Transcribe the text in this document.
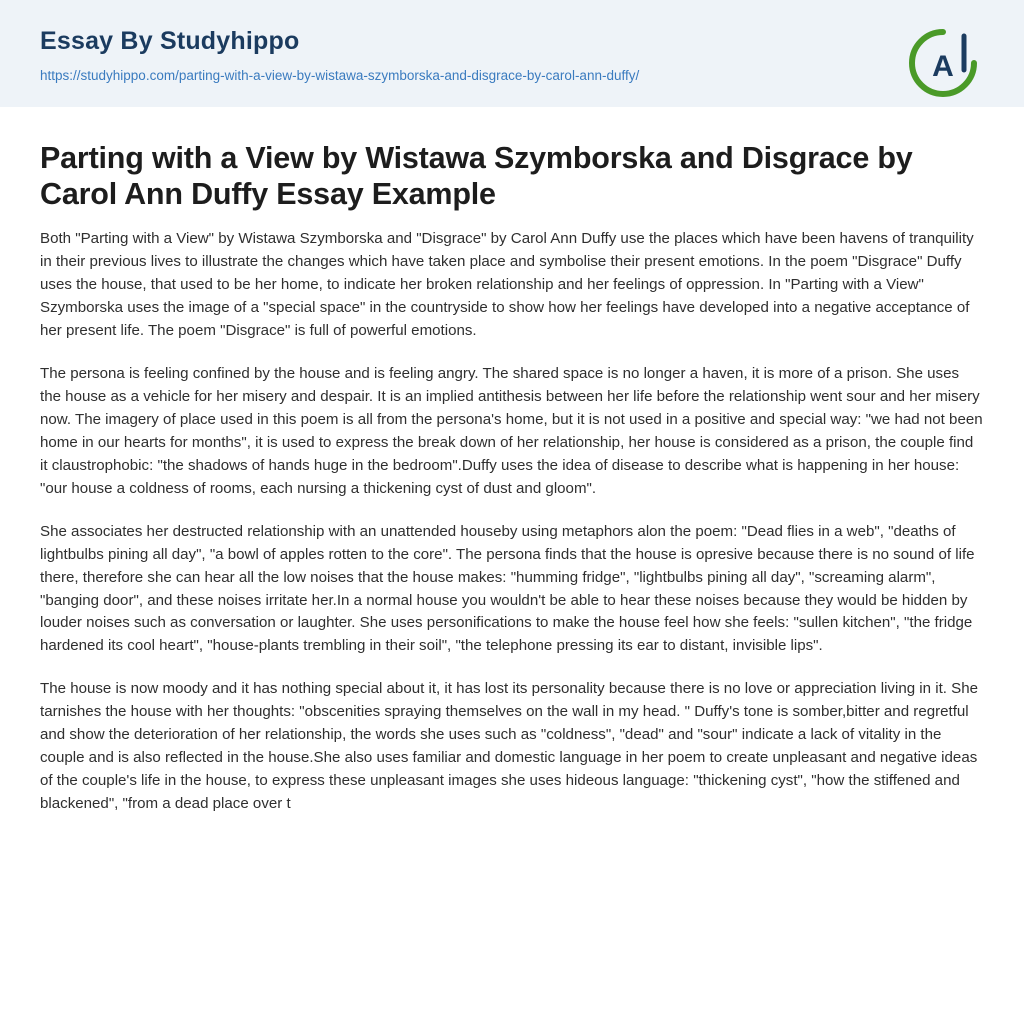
Essay By Studyhippo
https://studyhippo.com/parting-with-a-view-by-wistawa-szymborska-and-disgrace-by-carol-ann-duffy/	A
Parting with a View by Wistawa Szymborska and Disgrace by Carol Ann Duffy Essay Example

Both "Parting with a View" by Wistawa Szymborska and "Disgrace" by Carol Ann Duffy use the places which have been havens of tranquility in their previous lives to illustrate the changes which have taken place and symbolise their present emotions. In the poem "Disgrace" Duffy uses the house, that used to be her home, to indicate her broken relationship and her feelings of oppression. In "Parting with a View" Szymborska uses the image of a "special space" in the countryside to show how her feelings have developed into a negative acceptance of her present life. The poem "Disgrace" is full of powerful emotions.

The persona is feeling confined by the house and is feeling angry. The shared space is no longer a haven, it is more of a prison. She uses the house as a vehicle for her misery and despair. It is an implied antithesis between her life before the relationship went sour and her misery now. The imagery of place used in this poem is all from the persona's home, but it is not used in a positive and special way: "we had not been home in our hearts for months", it is used to express the break down of her relationship, her house is considered as a prison, the couple find it claustrophobic: "the shadows of hands huge in the bedroom".Duffy uses the idea of disease to describe what is happening in her house: "our house a coldness of rooms, each nursing a thickening cyst of dust and gloom".

She associates her destructed relationship with an unattended houseby using metaphors alon the poem: "Dead flies in a web", "deaths of lightbulbs pining all day", "a bowl of apples rotten to the core". The persona finds that the house is opresive because there is no sound of life there, therefore she can hear all the low noises that the house makes: "humming fridge", "lightbulbs pining all day", "screaming alarm", "banging door", and these noises irritate her.In a normal house you wouldn't be able to hear these noises because they would be hidden by louder noises such as conversation or laughter. She uses personifications to make the house feel how she feels: "sullen kitchen", "the fridge hardened its cool heart", "house-plants trembling in their soil", "the telephone pressing its ear to distant, invisible lips".

The house is now moody and it has nothing special about it, it has lost its personality because there is no love or appreciation living in it. She tarnishes the house with her thoughts: "obscenities spraying themselves on the wall in my head. " Duffy's tone is somber,bitter and regretful and show the deterioration of her relationship, the words she uses such as "coldness", "dead" and "sour" indicate a lack of vitality in the couple and is also reflected in the house.She also uses familiar and domestic language in her poem to create unpleasant and negative ideas of the couple's life in the house, to express these unpleasant images she uses hideous language: "thickening cyst", "how the stiffened and blackened", "from a dead place over t
